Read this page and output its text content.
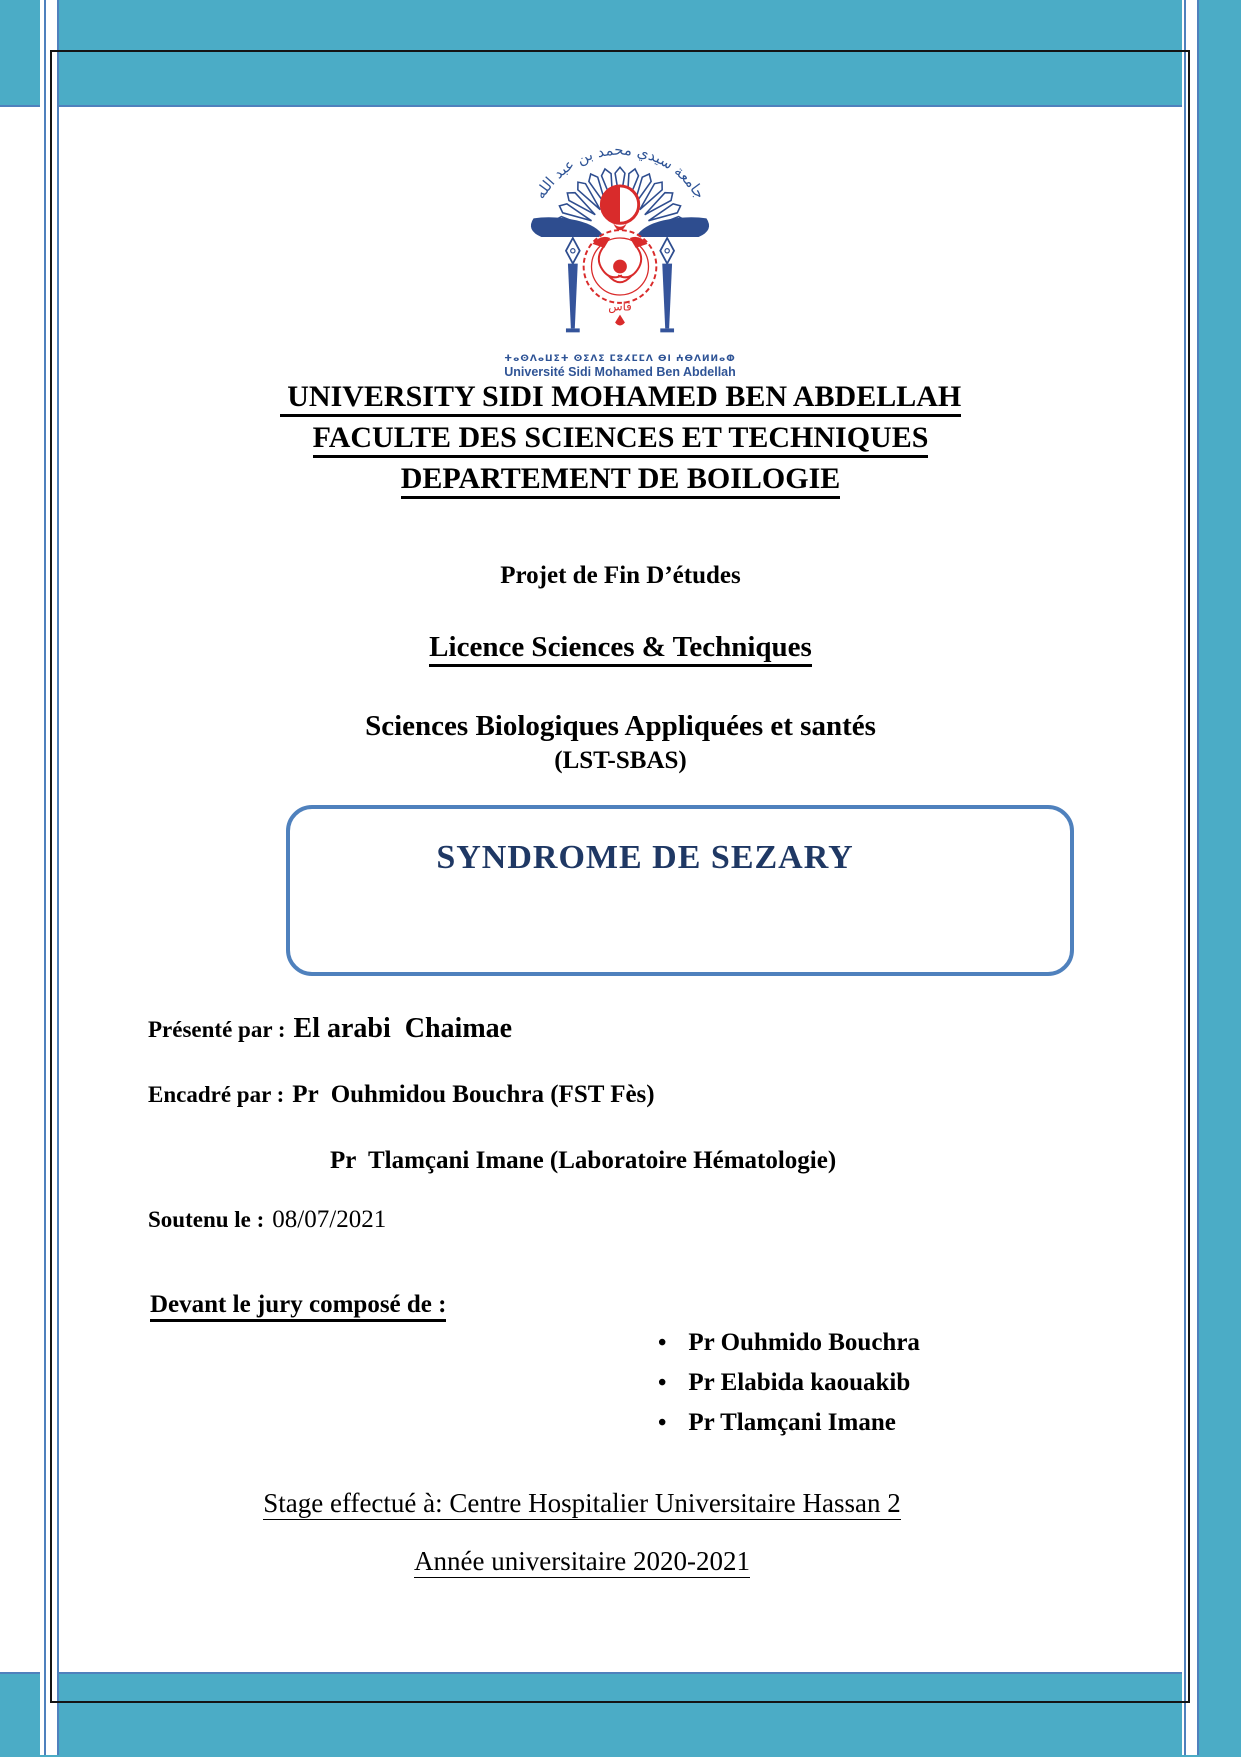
جامعة سيدي محمد بن عبد الله
فاس
ⵜⴰⵙⴷⴰⵡⵉⵜ ⵙⵉⴷⵉ ⵎⵓⵃⵎⵎⴷ ⴱⵏ ⵄⴱⴷⵍⵍⴰⵀ
Université Sidi Mohamed Ben Abdellah
UNIVERSITY SIDI MOHAMED BEN ABDELLAH
FACULTE DES SCIENCES ET TECHNIQUES
DEPARTEMENT DE BOILOGIE
Projet de Fin D’études
Licence Sciences & Techniques
Sciences Biologiques Appliquées et santés
(LST-SBAS)
SYNDROME DE SEZARY
Présenté par : El arabi  Chaimae
Encadré par : Pr  Ouhmidou Bouchra (FST Fès)
Pr  Tlamçani Imane (Laboratoire Hématologie)
Soutenu le : 08/07/2021
Devant le jury composé de :
• Pr Ouhmido Bouchra
• Pr Elabida kaouakib
• Pr Tlamçani Imane
Stage effectué à: Centre Hospitalier Universitaire Hassan 2
Année universitaire 2020-2021
